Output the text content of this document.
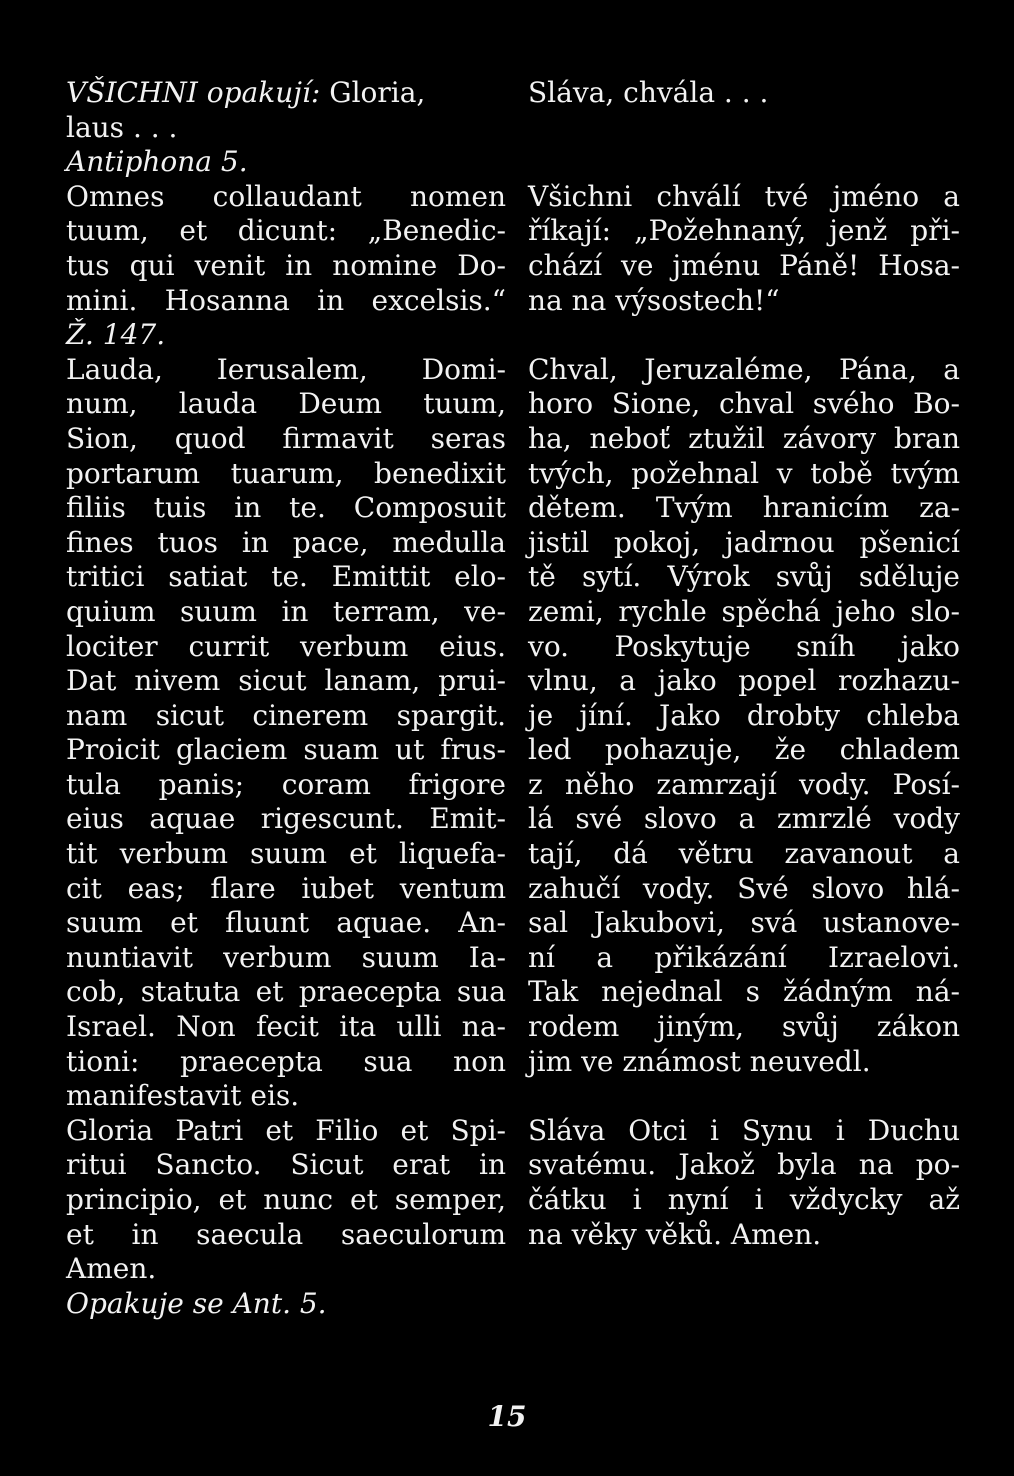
VŠICHNI opakují: Gloria,
laus . . .
Antiphona 5.
Omnes collaudant nomen
tuum, et dicunt: „Benedic-
tus qui venit in nomine Do-
mini. Hosanna in excelsis.“
Ž. 147.
Lauda, Ierusalem, Domi-
num, lauda Deum tuum,
Sion, quod firmavit seras
portarum tuarum, benedixit
filiis tuis in te. Composuit
fines tuos in pace, medulla
tritici satiat te. Emittit elo-
quium suum in terram, ve-
lociter currit verbum eius.
Dat nivem sicut lanam, prui-
nam sicut cinerem spargit.
Proicit glaciem suam ut frus-
tula panis; coram frigore
eius aquae rigescunt. Emit-
tit verbum suum et liquefa-
cit eas; flare iubet ventum
suum et fluunt aquae. An-
nuntiavit verbum suum Ia-
cob, statuta et praecepta sua
Israel. Non fecit ita ulli na-
tioni: praecepta sua non
manifestavit eis.
Gloria Patri et Filio et Spi-
ritui Sancto. Sicut erat in
principio, et nunc et semper,
et in saecula saeculorum
Amen.
Opakuje se Ant. 5.
Sláva, chvála . . .
Všichni chválí tvé jméno a
říkají: „Požehnaný, jenž při-
chází ve jménu Páně! Hosa-
na na výsostech!“
Chval, Jeruzaléme, Pána, a
horo Sione, chval svého Bo-
ha, neboť ztužil závory bran
tvých, požehnal v tobě tvým
dětem. Tvým hranicím za-
jistil pokoj, jadrnou pšenicí
tě sytí. Výrok svůj sděluje
zemi, rychle spěchá jeho slo-
vo. Poskytuje sníh jako
vlnu, a jako popel rozhazu-
je jíní. Jako drobty chleba
led pohazuje, že chladem
z něho zamrzají vody. Posí-
lá své slovo a zmrzlé vody
tají, dá větru zavanout a
zahučí vody. Své slovo hlá-
sal Jakubovi, svá ustanove-
ní a přikázání Izraelovi.
Tak nejednal s žádným ná-
rodem jiným, svůj zákon
jim ve známost neuvedl.
Sláva Otci i Synu i Duchu
svatému. Jakož byla na po-
čátku i nyní i vždycky až
na věky věků. Amen.
15
